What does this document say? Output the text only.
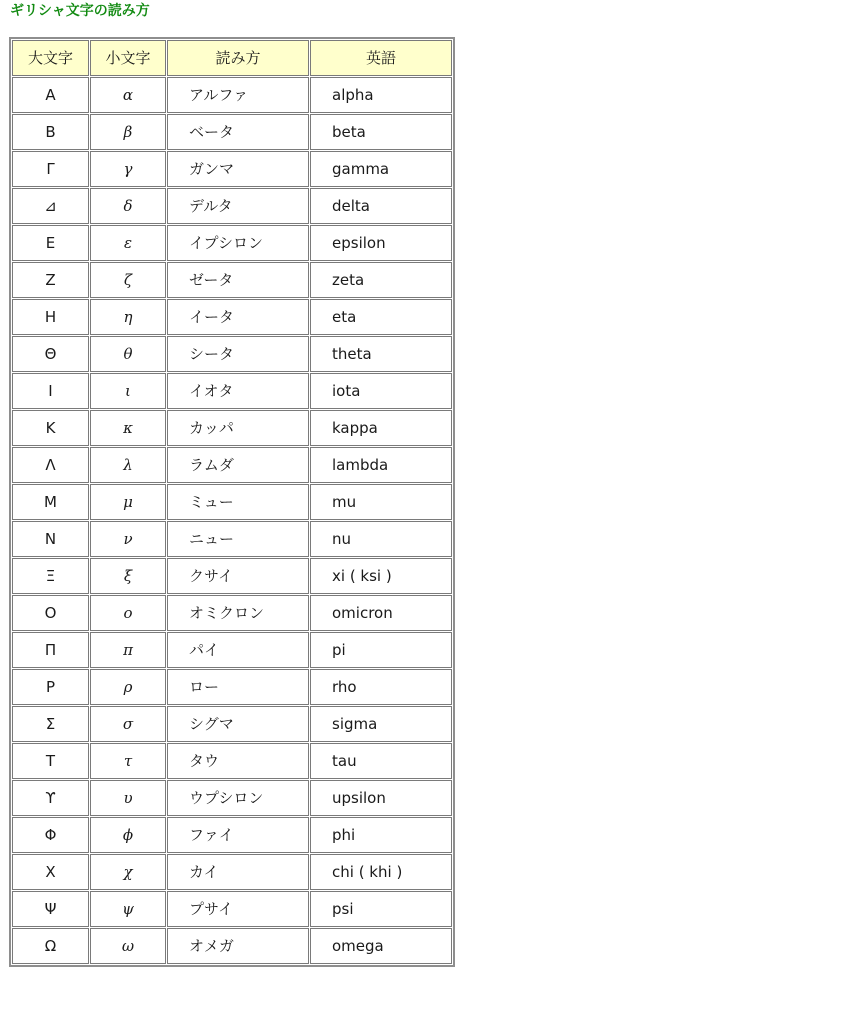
ギリシャ文字の読み方
大文字	小文字	読み方	英語
Α	α	アルファ	alpha
Β	β	ベータ	beta
Γ	γ	ガンマ	gamma
⊿	δ	デルタ	delta
Ε	ε	イプシロン	epsilon
Ζ	ζ	ゼータ	zeta
Η	η	イータ	eta
Θ	θ	シータ	theta
Ι	ι	イオタ	iota
Κ	κ	カッパ	kappa
Λ	λ	ラムダ	lambda
Μ	μ	ミュー	mu
Ν	ν	ニュー	nu
Ξ	ξ	クサイ	xi ( ksi )
Ο	ο	オミクロン	omicron
Π	π	パイ	pi
Ρ	ρ	ロー	rho
Σ	σ	シグマ	sigma
Τ	τ	タウ	tau
ϒ	υ	ウプシロン	upsilon
Φ	ϕ	ファイ	phi
Χ	χ	カイ	chi ( khi )
Ψ	ψ	プサイ	psi
Ω	ω	オメガ	omega
